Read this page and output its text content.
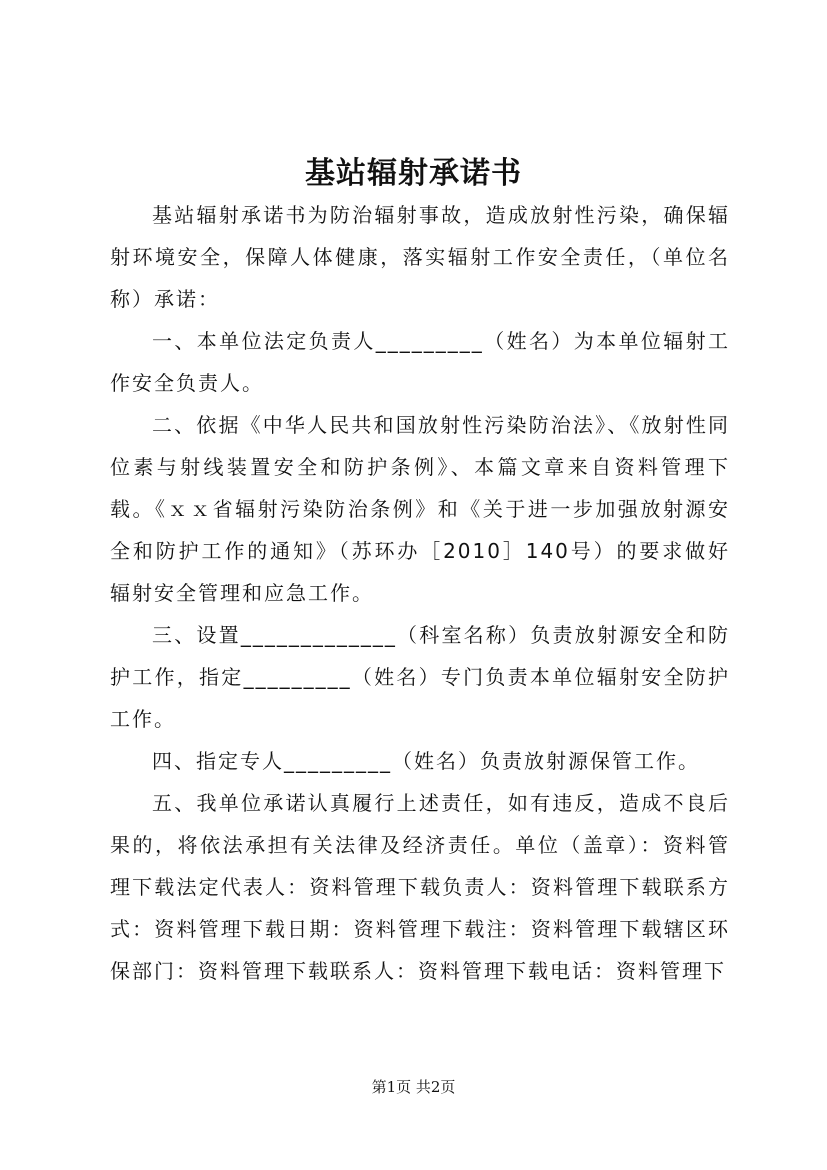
基站辐射承诺书

基站辐射承诺书为防治辐射事故，造成放射性污染，确保辐射环境安全，保障人体健康，落实辐射工作安全责任，（单位名称）承诺：

一、本单位法定负责人_________（姓名）为本单位辐射工作安全负责人。

二、依据《中华人民共和国放射性污染防治法》、《放射性同位素与射线装置安全和防护条例》、本篇文章来自资料管理下载。《ｘｘ省辐射污染防治条例》和《关于进一步加强放射源安全和防护工作的通知》（苏环办［2010］140号）的要求做好辐射安全管理和应急工作。

三、设置_____________（科室名称）负责放射源安全和防护工作，指定_________（姓名）专门负责本单位辐射安全防护工作。

四、指定专人_________（姓名）负责放射源保管工作。

五、我单位承诺认真履行上述责任，如有违反，造成不良后果的，将依法承担有关法律及经济责任。单位（盖章）：资料管理下载法定代表人：资料管理下载负责人：资料管理下载联系方式：资料管理下载日期：资料管理下载注：资料管理下载辖区环保部门：资料管理下载联系人：资料管理下载电话：资料管理下

第1页 共2页
